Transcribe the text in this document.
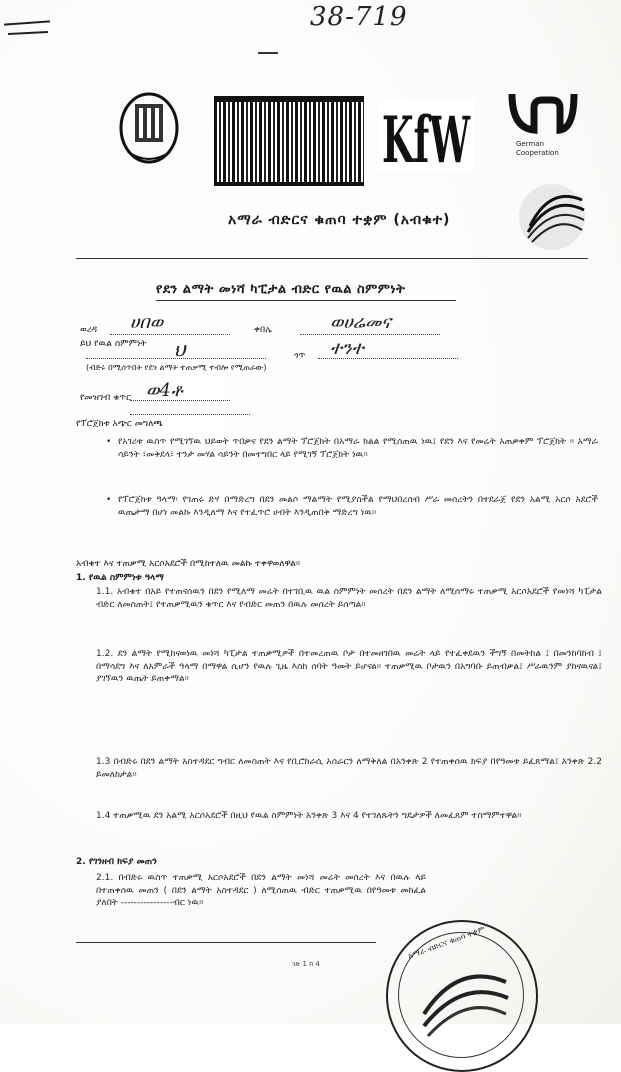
38-719
KfW	German
Cooperation
አማራ ብድርና ቁጠባ ተቋም (አብቁተ)
የደን ልማት መነሻ ካፒታል ብድር የዉል ስምምነት
ወረዳ ሀበወ	ቀበሌ	ወሀሬመና
ይህ የዉል ስምምነት ህ	ጎጥ ተንተ
(ብድሩ በሚሰጥበት የደን ልማት ተጠቃሚ ተብሎ የሚጠራው)
የመዝገብ ቁጥር ወ4ቶ
የፕሮጀክቱ አጭር መግለጫ
• የአገሪቱ ዉስጥ የሚገኘዉ ህይወት ጥበቃና የደን ልማት ፕሮጀክት በአማራ ክልል የሚሰጠዉ ነዉ፤ የደን እና የመሬት አጠቃቀም ፕሮጀክት ፡፡ አማራ ሳይንት ፣መቅደላ፣ ተንታ መሃል ሳይንት በመተግበር ላይ የሚገኝ ፕሮጀክት ነዉ።
• የፕሮጀክቱ ዓላማ፡ የገጠሩ ድሃ በማድረግ በደን መልሶ ማልማት የሚያስችል የማህበረሰብ ሥራ መሰረትን በተደራጀ የደን አልሚ አርሶ አደሮች ዉጤታማ በሆነ መልኩ እንዲለማ እና የተፈጥሮ ሀብት እንዲጠበቅ ማድረግ ነዉ።
አብቁተ እና ተጠቃሚ አርሶአደሮች በሚከተለዉ መልኩ ተቀዋወለዋል።
1. የዉል ስምምነቱ ዓላማ
1.1. አብቁተ በአይ የተጠናሰዉን በደን የሚለማ መሬት በተገቢዉ ዉል ስምምነት መሰረት በደን ልማት ለሚሰማሩ ተጠቃሚ አርሶአደሮች የመነሻ ካፒታል ብድር ለመስጠት፤ የተጠቃሚዉን ቁጥር እና የብድር መጠን በዉሉ መሰረት ይሰጣል።
1.2. ደን ልማት የሚከናወነዉ መነሻ ካፒታል ተጠቃሚዎች በተመረጠዉ ቦታ በተመዘገበዉ መሬት ላይ የተፈቀደዉን ችግኝ በመትከል ፤ በመንከባከብ ፤ በማሳደግ እና ለአምራች ዓላማ በማዋል ሲሆን የዉሉ ጊዜ እስከ ሰባት ዓመት ይሆናል። ተጠቃሚዉ ቦታዉን በአግባቡ ይጠብቃል፤ ሥራዉንም ያከናዉናል፤ ያገኘዉን ዉጤት ይጠቀማል።
1.3 በብድሩ በደን ልማት አስተዳደር ግብር ለመስጠት እና የቢሮክራሲ አሰራርን ለማቅለል በአንቀጽ 2 የተጠቀሰዉ ክፍያ በየዓመቱ ይፈጸማል፤ አንቀጽ 2.2 ይመለከታል።
1.4 ተጠቃሚዉ ደን አልሚ አርሶአደሮች በዚህ የዉል ስምምነት አንቀጽ 3 እና 4 የተገለጹትን ግዴታዎች ለመፈጸም ተስማምተዋል።
2. የገንዘብ ክፍያ መጠን
2.1. በብድሩ ዉስጥ ተጠቃሚ አርሶአደሮች በደን ልማት መነሻ መሬት መሰረት እና በዉሉ ላይ በተጠቀሰዉ መጠን ( በደን ልማት አስተዳደር ) ለሚሰጠዉ ብድር ተጠቃሚዉ በየዓመቱ መክፈል ያለበት ----------------ብር ነዉ።
ገጽ 1 ከ 4
አማራ ብድርና ቁጠባ ተቋም
